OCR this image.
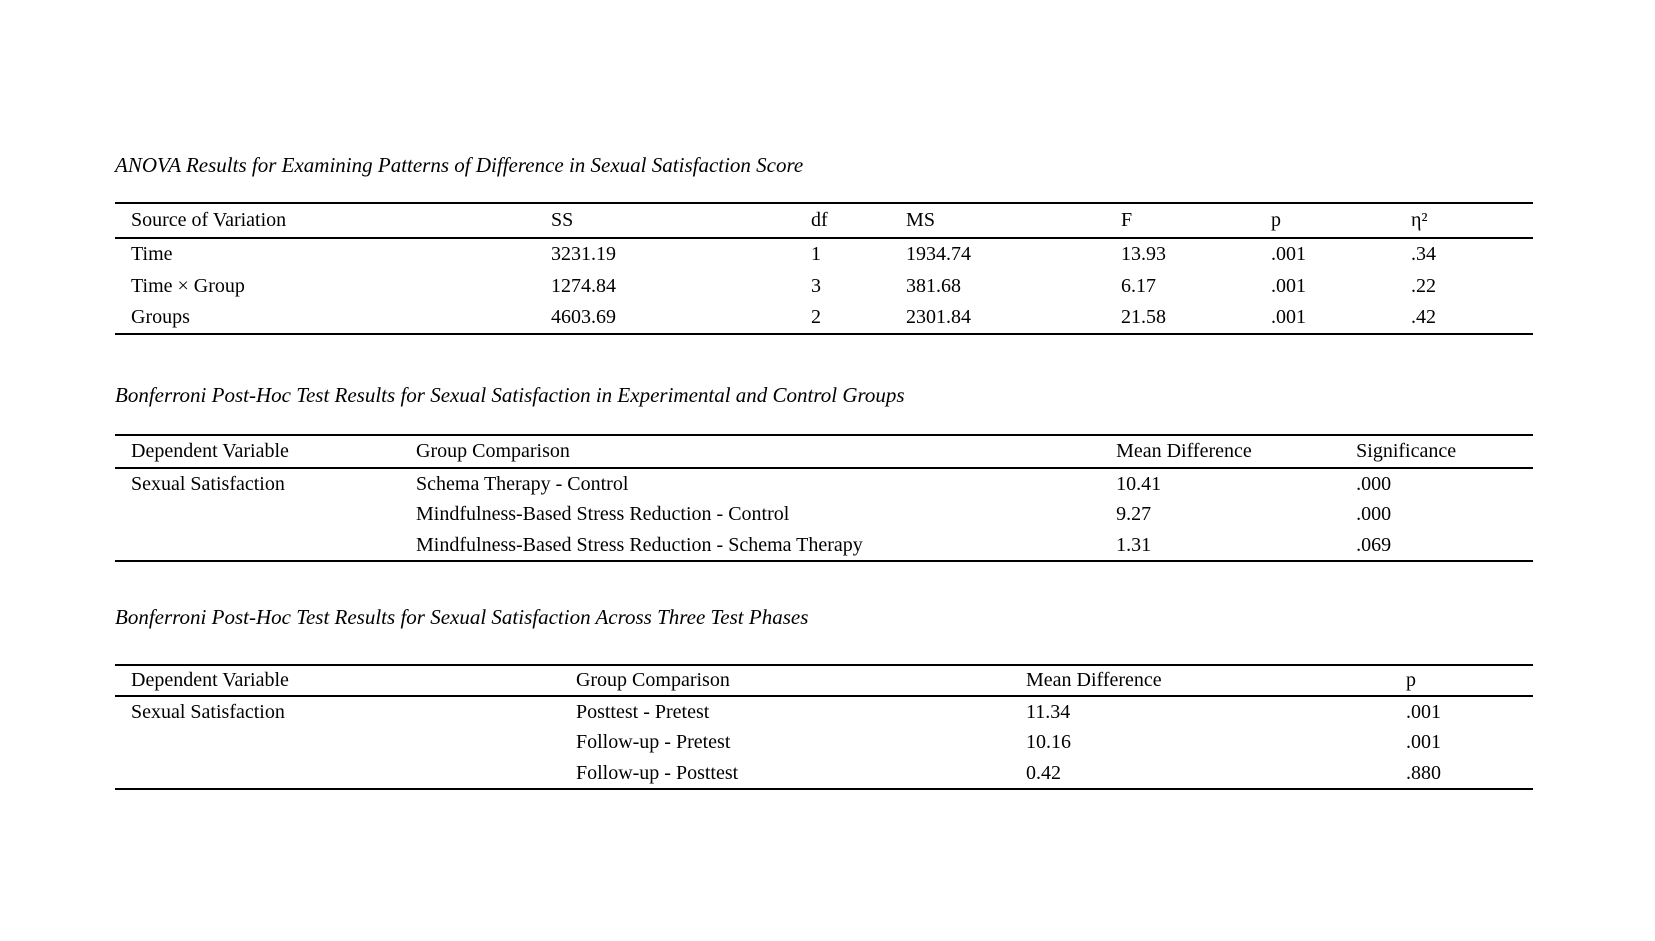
ANOVA Results for Examining Patterns of Difference in Sexual Satisfaction Score
Source of Variation	SS	df	MS	F	p	η²
Time	3231.19	1	1934.74	13.93	.001	.34
Time × Group	1274.84	3	381.68	6.17	.001	.22
Groups	4603.69	2	2301.84	21.58	.001	.42
Bonferroni Post-Hoc Test Results for Sexual Satisfaction in Experimental and Control Groups
Dependent Variable	Group Comparison	Mean Difference	Significance
Sexual Satisfaction	Schema Therapy - Control	10.41	.000
	Mindfulness-Based Stress Reduction - Control	9.27	.000
	Mindfulness-Based Stress Reduction - Schema Therapy	1.31	.069
Bonferroni Post-Hoc Test Results for Sexual Satisfaction Across Three Test Phases
Dependent Variable	Group Comparison	Mean Difference	p
Sexual Satisfaction	Posttest - Pretest	11.34	.001
	Follow-up - Pretest	10.16	.001
	Follow-up - Posttest	0.42	.880
